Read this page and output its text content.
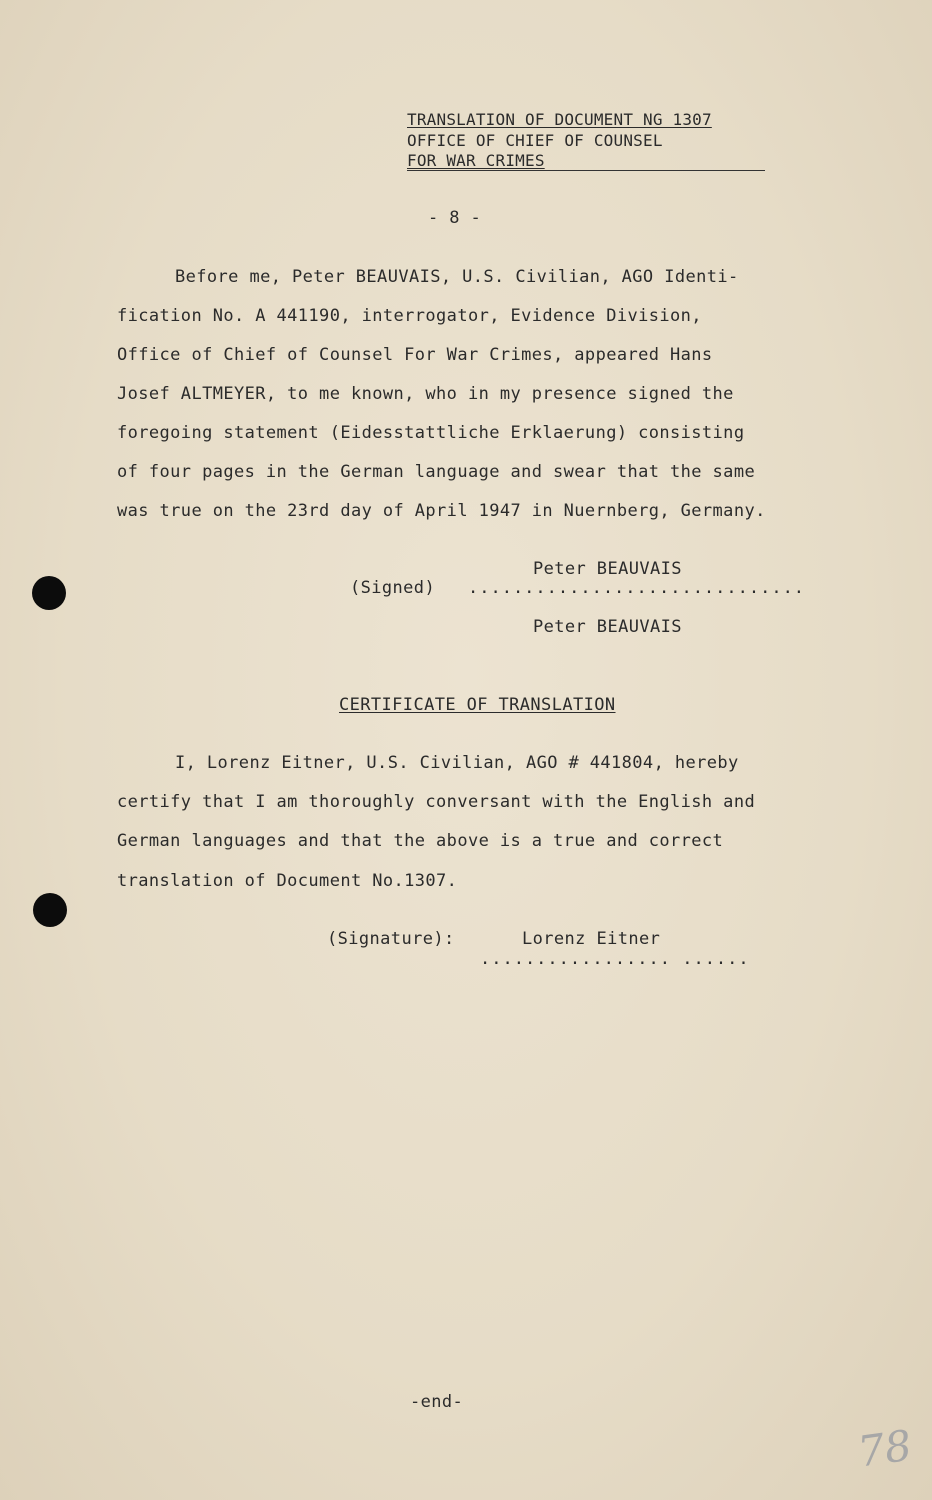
TRANSLATION OF DOCUMENT NG 1307
OFFICE OF CHIEF OF COUNSEL
FOR WAR CRIMES
- 8 -
Before me, Peter BEAUVAIS, U.S. Civilian, AGO Identi-
fication No. A 441190, interrogator, Evidence Division,
Office of Chief of Counsel For War Crimes, appeared Hans
Josef ALTMEYER, to me known, who in my presence signed the
foregoing statement (Eidesstattliche Erklaerung) consisting
of four pages in the German language and swear that the same
was true on the 23rd day of April 1947 in Nuernberg, Germany.
Peter BEAUVAIS
(Signed) ..............................
Peter BEAUVAIS
CERTIFICATE OF TRANSLATION
I, Lorenz Eitner, U.S. Civilian, AGO # 441804, hereby
certify that I am thoroughly conversant with the English and
German languages and that the above is a true and correct
translation of Document No.1307.
(Signature):	Lorenz Eitner
................. ......
-end-
78
